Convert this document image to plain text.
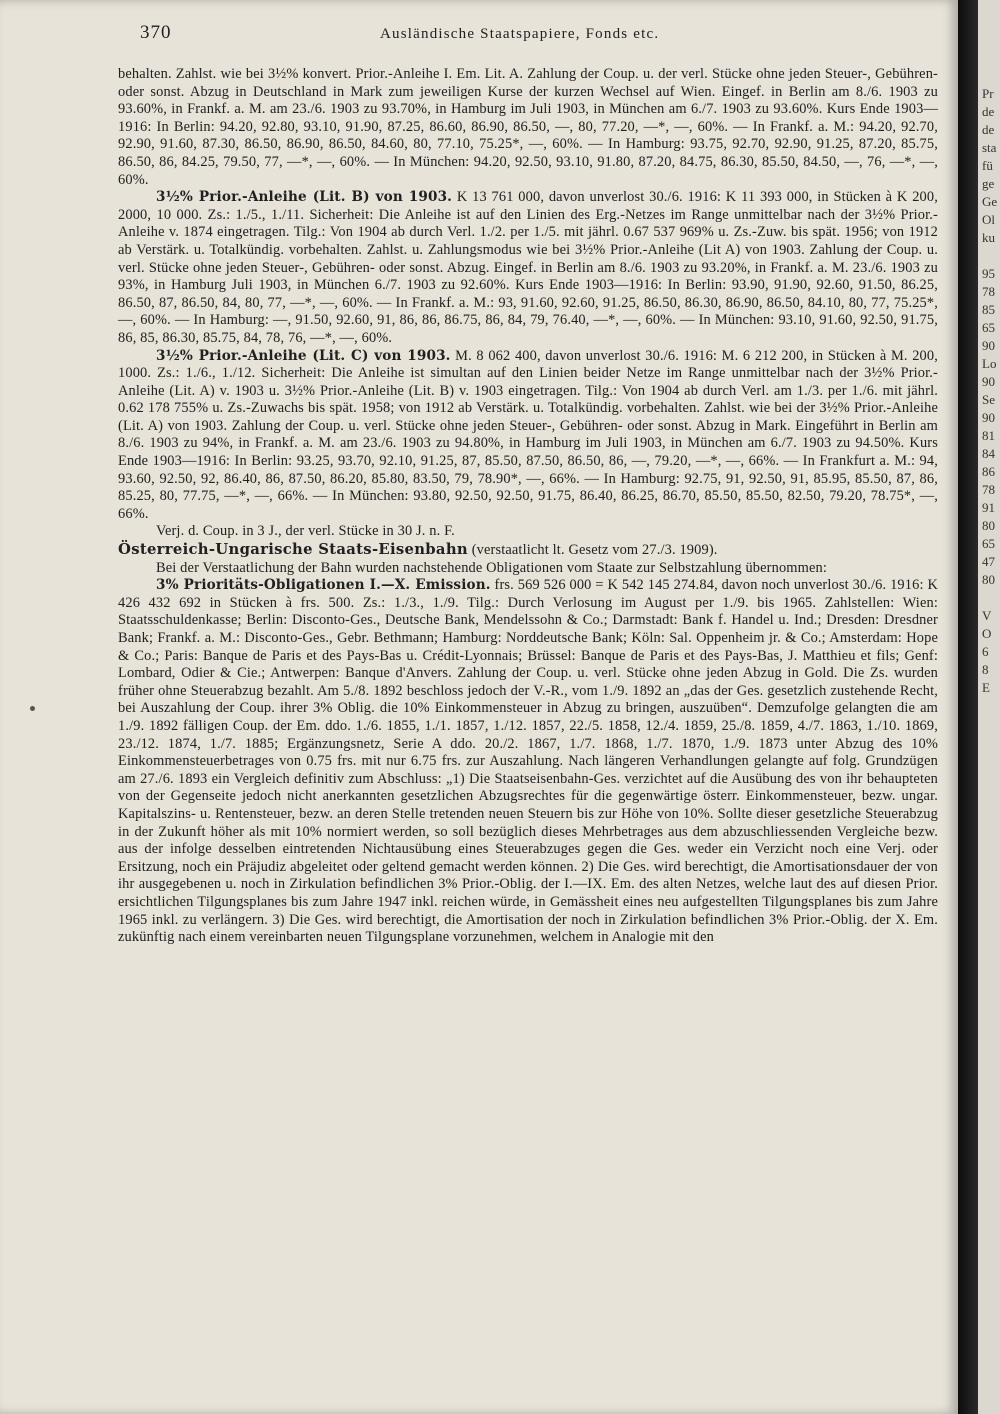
370	Ausländische Staatspapiere, Fonds etc.

behalten. Zahlst. wie bei 3½% konvert. Prior.-Anleihe I. Em. Lit. A. Zahlung der Coup. u. der verl. Stücke ohne jeden Steuer-, Gebühren- oder sonst. Abzug in Deutschland in Mark zum jeweiligen Kurse der kurzen Wechsel auf Wien. Eingef. in Berlin am 8./6. 1903 zu 93.60%, in Frankf. a. M. am 23./6. 1903 zu 93.70%, in Hamburg im Juli 1903, in München am 6./7. 1903 zu 93.60%. Kurs Ende 1903—1916: In Berlin: 94.20, 92.80, 93.10, 91.90, 87.25, 86.60, 86.90, 86.50, —, 80, 77.20, —*, —, 60%. — In Frankf. a. M.: 94.20, 92.70, 92.90, 91.60, 87.30, 86.50, 86.90, 86.50, 84.60, 80, 77.10, 75.25*, —, 60%. — In Hamburg: 93.75, 92.70, 92.90, 91.25, 87.20, 85.75, 86.50, 86, 84.25, 79.50, 77, —*, —, 60%. — In München: 94.20, 92.50, 93.10, 91.80, 87.20, 84.75, 86.30, 85.50, 84.50, —, 76, —*, —, 60%.

3½% Prior.-Anleihe (Lit. B) von 1903. K 13 761 000, davon unverlost 30./6. 1916: K 11 393 000, in Stücken à K 200, 2000, 10 000. Zs.: 1./5., 1./11. Sicherheit: Die Anleihe ist auf den Linien des Erg.-Netzes im Range unmittelbar nach der 3½% Prior.-Anleihe v. 1874 eingetragen. Tilg.: Von 1904 ab durch Verl. 1./2. per 1./5. mit jährl. 0.67 537 969% u. Zs.-Zuw. bis spät. 1956; von 1912 ab Verstärk. u. Totalkündig. vorbehalten. Zahlst. u. Zahlungsmodus wie bei 3½% Prior.-Anleihe (Lit A) von 1903. Zahlung der Coup. u. verl. Stücke ohne jeden Steuer-, Gebühren- oder sonst. Abzug. Eingef. in Berlin am 8./6. 1903 zu 93.20%, in Frankf. a. M. 23./6. 1903 zu 93%, in Hamburg Juli 1903, in München 6./7. 1903 zu 92.60%. Kurs Ende 1903—1916: In Berlin: 93.90, 91.90, 92.60, 91.50, 86.25, 86.50, 87, 86.50, 84, 80, 77, —*, —, 60%. — In Frankf. a. M.: 93, 91.60, 92.60, 91.25, 86.50, 86.30, 86.90, 86.50, 84.10, 80, 77, 75.25*, —, 60%. — In Hamburg: —, 91.50, 92.60, 91, 86, 86, 86.75, 86, 84, 79, 76.40, —*, —, 60%. — In München: 93.10, 91.60, 92.50, 91.75, 86, 85, 86.30, 85.75, 84, 78, 76, —*, —, 60%.

3½% Prior.-Anleihe (Lit. C) von 1903. M. 8 062 400, davon unverlost 30./6. 1916: M. 6 212 200, in Stücken à M. 200, 1000. Zs.: 1./6., 1./12. Sicherheit: Die Anleihe ist simultan auf den Linien beider Netze im Range unmittelbar nach der 3½% Prior.-Anleihe (Lit. A) v. 1903 u. 3½% Prior.-Anleihe (Lit. B) v. 1903 eingetragen. Tilg.: Von 1904 ab durch Verl. am 1./3. per 1./6. mit jährl. 0.62 178 755% u. Zs.-Zuwachs bis spät. 1958; von 1912 ab Verstärk. u. Totalkündig. vorbehalten. Zahlst. wie bei der 3½% Prior.-Anleihe (Lit. A) von 1903. Zahlung der Coup. u. verl. Stücke ohne jeden Steuer-, Gebühren- oder sonst. Abzug in Mark. Eingeführt in Berlin am 8./6. 1903 zu 94%, in Frankf. a. M. am 23./6. 1903 zu 94.80%, in Hamburg im Juli 1903, in München am 6./7. 1903 zu 94.50%. Kurs Ende 1903—1916: In Berlin: 93.25, 93.70, 92.10, 91.25, 87, 85.50, 87.50, 86.50, 86, —, 79.20, —*, —, 66%. — In Frankfurt a. M.: 94, 93.60, 92.50, 92, 86.40, 86, 87.50, 86.20, 85.80, 83.50, 79, 78.90*, —, 66%. — In Hamburg: 92.75, 91, 92.50, 91, 85.95, 85.50, 87, 86, 85.25, 80, 77.75, —*, —, 66%. — In München: 93.80, 92.50, 92.50, 91.75, 86.40, 86.25, 86.70, 85.50, 85.50, 82.50, 79.20, 78.75*, —, 66%.

Verj. d. Coup. in 3 J., der verl. Stücke in 30 J. n. F.

Österreich-Ungarische Staats-Eisenbahn (verstaatlicht lt. Gesetz vom 27./3. 1909).

Bei der Verstaatlichung der Bahn wurden nachstehende Obligationen vom Staate zur Selbstzahlung übernommen:

3% Prioritäts-Obligationen I.—X. Emission. frs. 569 526 000 = K 542 145 274.84, davon noch unverlost 30./6. 1916: K 426 432 692 in Stücken à frs. 500. Zs.: 1./3., 1./9. Tilg.: Durch Verlosung im August per 1./9. bis 1965. Zahlstellen: Wien: Staatsschuldenkasse; Berlin: Disconto-Ges., Deutsche Bank, Mendelssohn & Co.; Darmstadt: Bank f. Handel u. Ind.; Dresden: Dresdner Bank; Frankf. a. M.: Disconto-Ges., Gebr. Bethmann; Hamburg: Norddeutsche Bank; Köln: Sal. Oppenheim jr. & Co.; Amsterdam: Hope & Co.; Paris: Banque de Paris et des Pays-Bas u. Crédit-Lyonnais; Brüssel: Banque de Paris et des Pays-Bas, J. Matthieu et fils; Genf: Lombard, Odier & Cie.; Antwerpen: Banque d'Anvers. Zahlung der Coup. u. verl. Stücke ohne jeden Abzug in Gold. Die Zs. wurden früher ohne Steuerabzug bezahlt. Am 5./8. 1892 beschloss jedoch der V.-R., vom 1./9. 1892 an „das der Ges. gesetzlich zustehende Recht, bei Auszahlung der Coup. ihrer 3% Oblig. die 10% Einkommensteuer in Abzug zu bringen, auszuüben“. Demzufolge gelangten die am 1./9. 1892 fälligen Coup. der Em. ddo. 1./6. 1855, 1./1. 1857, 1./12. 1857, 22./5. 1858, 12./4. 1859, 25./8. 1859, 4./7. 1863, 1./10. 1869, 23./12. 1874, 1./7. 1885; Ergänzungsnetz, Serie A ddo. 20./2. 1867, 1./7. 1868, 1./7. 1870, 1./9. 1873 unter Abzug des 10% Einkommensteuerbetrages von 0.75 frs. mit nur 6.75 frs. zur Auszahlung. Nach längeren Verhandlungen gelangte auf folg. Grundzügen am 27./6. 1893 ein Vergleich definitiv zum Abschluss: „1) Die Staatseisenbahn-Ges. verzichtet auf die Ausübung des von ihr behaupteten von der Gegenseite jedoch nicht anerkannten gesetzlichen Abzugsrechtes für die gegenwärtige österr. Einkommensteuer, bezw. ungar. Kapitalszins- u. Rentensteuer, bezw. an deren Stelle tretenden neuen Steuern bis zur Höhe von 10%. Sollte dieser gesetzliche Steuerabzug in der Zukunft höher als mit 10% normiert werden, so soll bezüglich dieses Mehrbetrages aus dem abzuschliessenden Vergleiche bezw. aus der infolge desselben eintretenden Nichtausübung eines Steuerabzuges gegen die Ges. weder ein Verzicht noch eine Verj. oder Ersitzung, noch ein Präjudiz abgeleitet oder geltend gemacht werden können. 2) Die Ges. wird berechtigt, die Amortisationsdauer der von ihr ausgegebenen u. noch in Zirkulation befindlichen 3% Prior.-Oblig. der I.—IX. Em. des alten Netzes, welche laut des auf diesen Prior. ersichtlichen Tilgungsplanes bis zum Jahre 1947 inkl. reichen würde, in Gemässheit eines neu aufgestellten Tilgungsplanes bis zum Jahre 1965 inkl. zu verlängern. 3) Die Ges. wird berechtigt, die Amortisation der noch in Zirkulation befindlichen 3% Prior.-Oblig. der X. Em. zukünftig nach einem vereinbarten neuen Tilgungsplane vorzunehmen, welchem in Analogie mit den

Pr
de
de
sta
fü
ge
Ge
Ol
ku
95
78
85
65
90
Lo
90
Se
90
81
84
86
78
91
80
65
47
80
V
O
6
8
E
